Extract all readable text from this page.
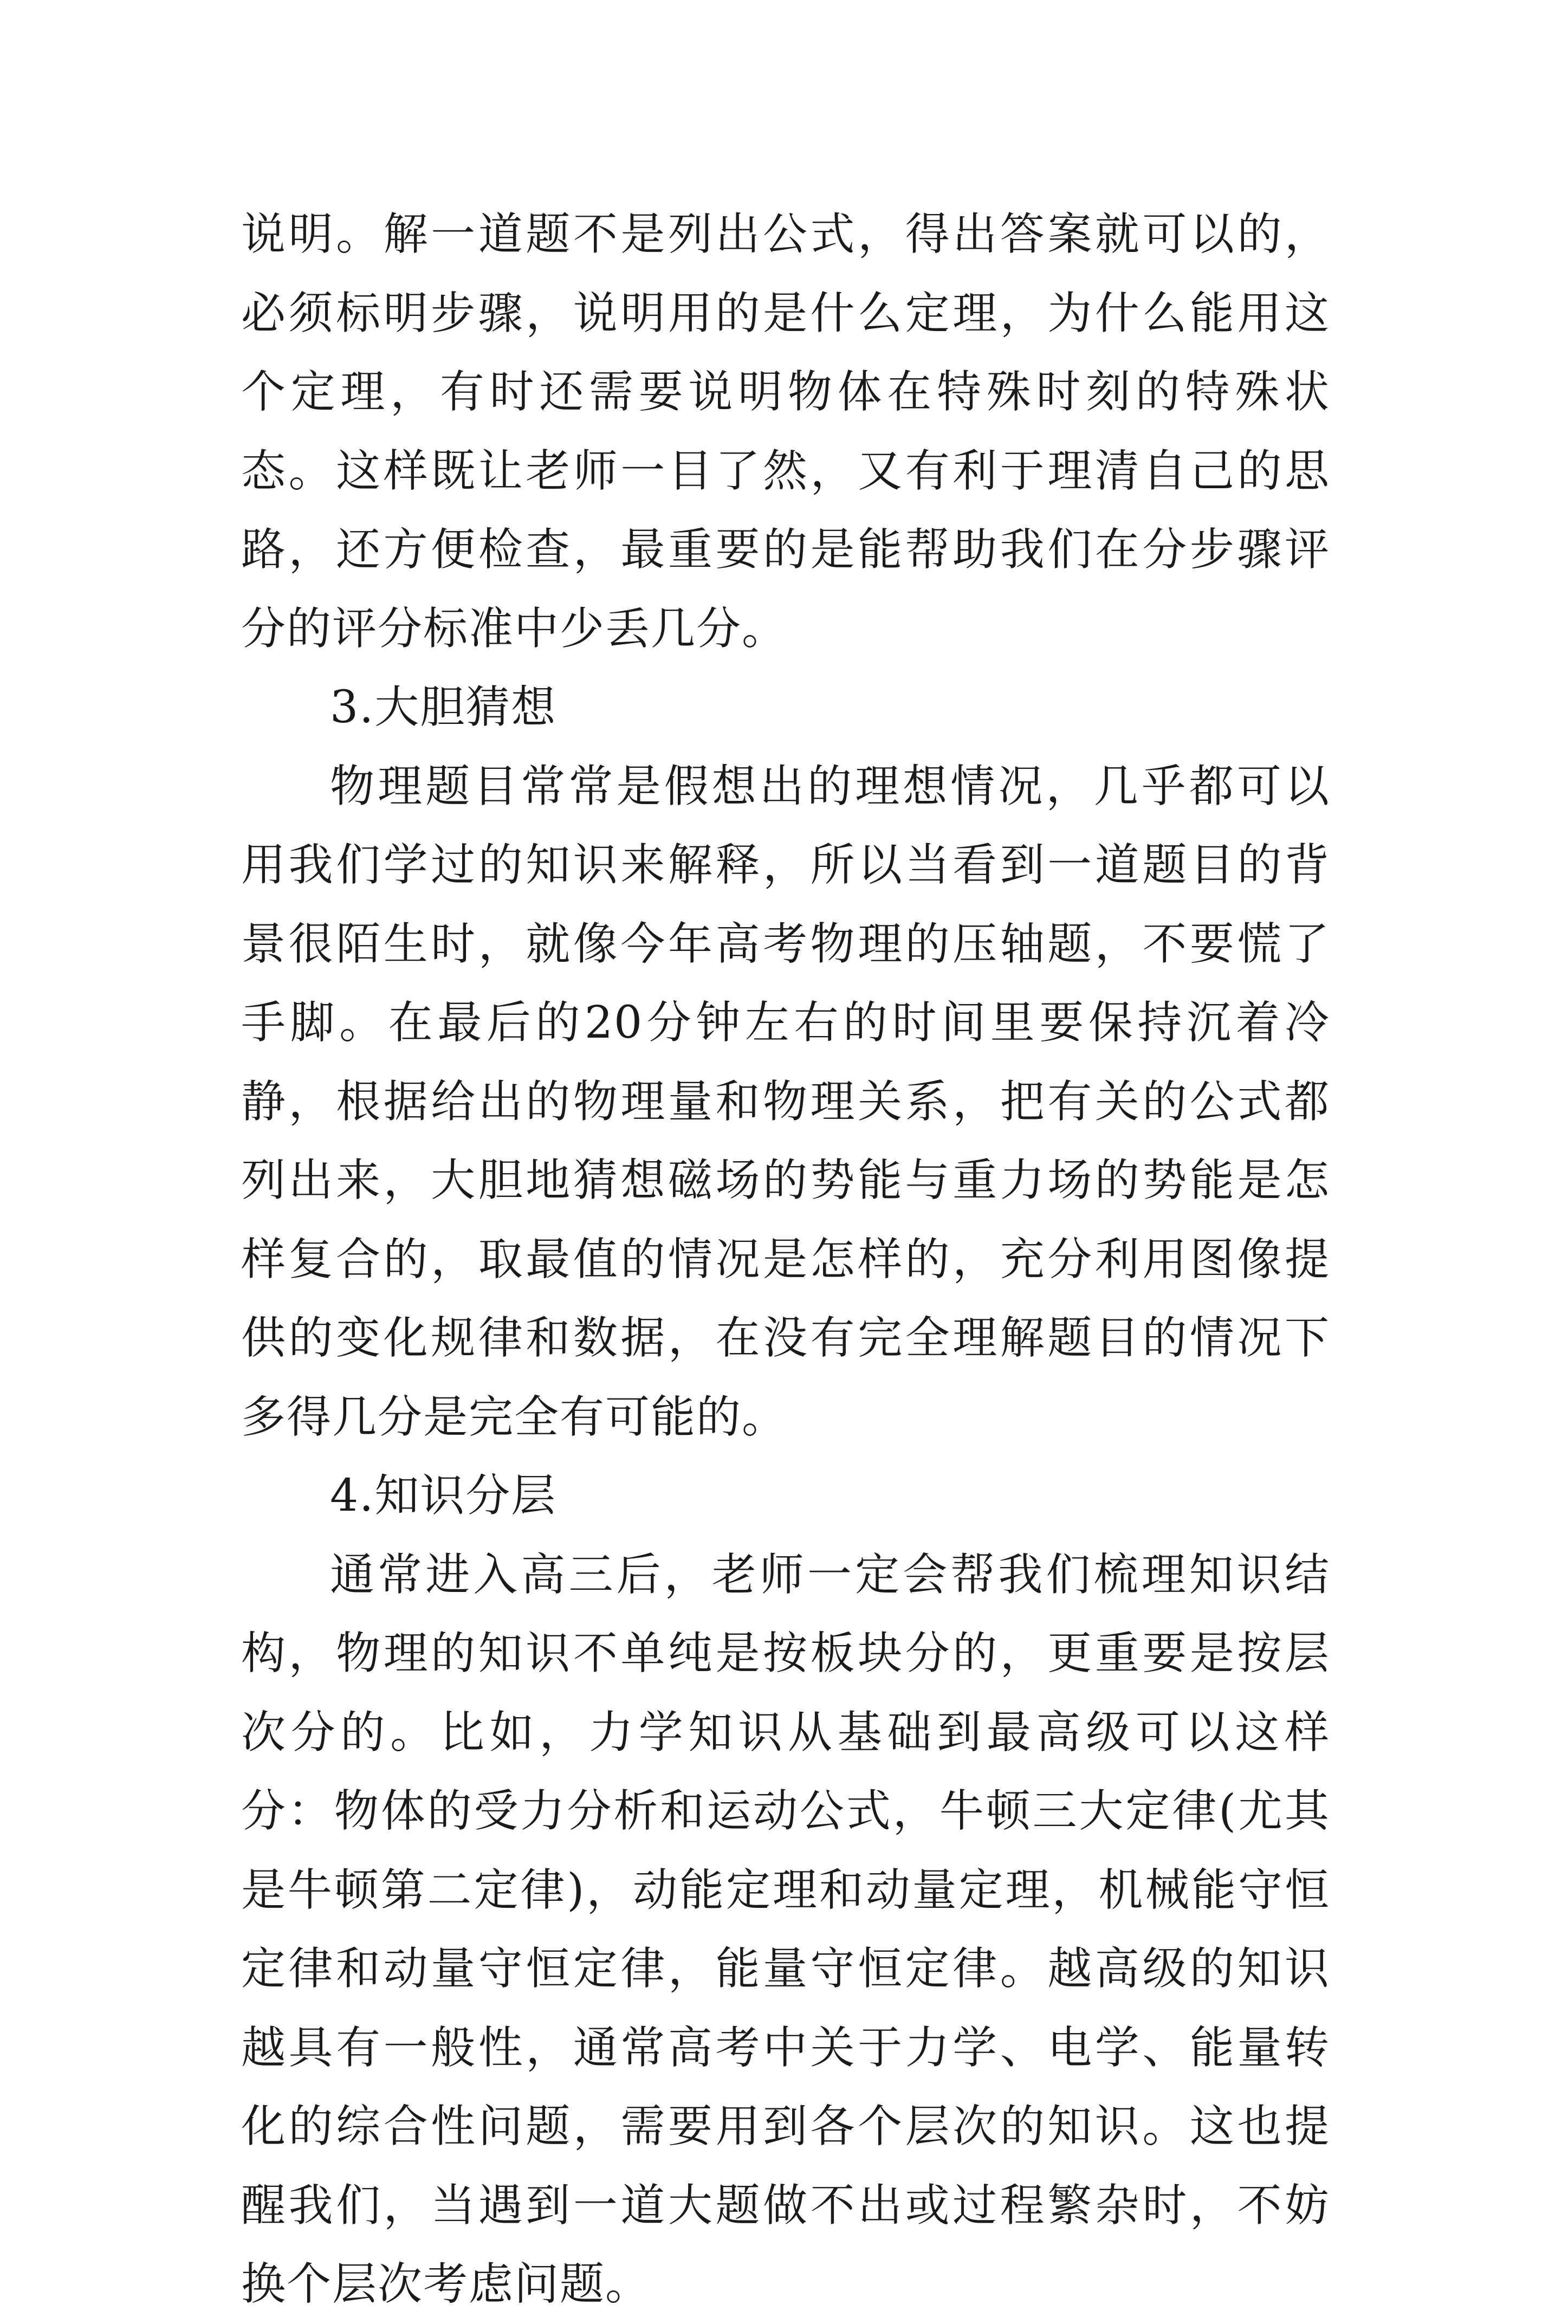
说明。解一道题不是列出公式，得出答案就可以的，必须标明步骤，说明用的是什么定理，为什么能用这个定理，有时还需要说明物体在特殊时刻的特殊状态。这样既让老师一目了然，又有利于理清自己的思路，还方便检查，最重要的是能帮助我们在分步骤评分的评分标准中少丢几分。

3.大胆猜想

物理题目常常是假想出的理想情况，几乎都可以用我们学过的知识来解释，所以当看到一道题目的背景很陌生时，就像今年高考物理的压轴题，不要慌了手脚。在最后的20分钟左右的时间里要保持沉着冷静，根据给出的物理量和物理关系，把有关的公式都列出来，大胆地猜想磁场的势能与重力场的势能是怎样复合的，取最值的情况是怎样的，充分利用图像提供的变化规律和数据，在没有完全理解题目的情况下多得几分是完全有可能的。

4.知识分层

通常进入高三后，老师一定会帮我们梳理知识结构，物理的知识不单纯是按板块分的，更重要是按层次分的。比如，力学知识从基础到最高级可以这样分：物体的受力分析和运动公式，牛顿三大定律(尤其是牛顿第二定律)，动能定理和动量定理，机械能守恒定律和动量守恒定律，能量守恒定律。越高级的知识越具有一般性，通常高考中关于力学、电学、能量转化的综合性问题，需要用到各个层次的知识。这也提醒我们，当遇到一道大题做不出或过程繁杂时，不妨换个层次考虑问题。
